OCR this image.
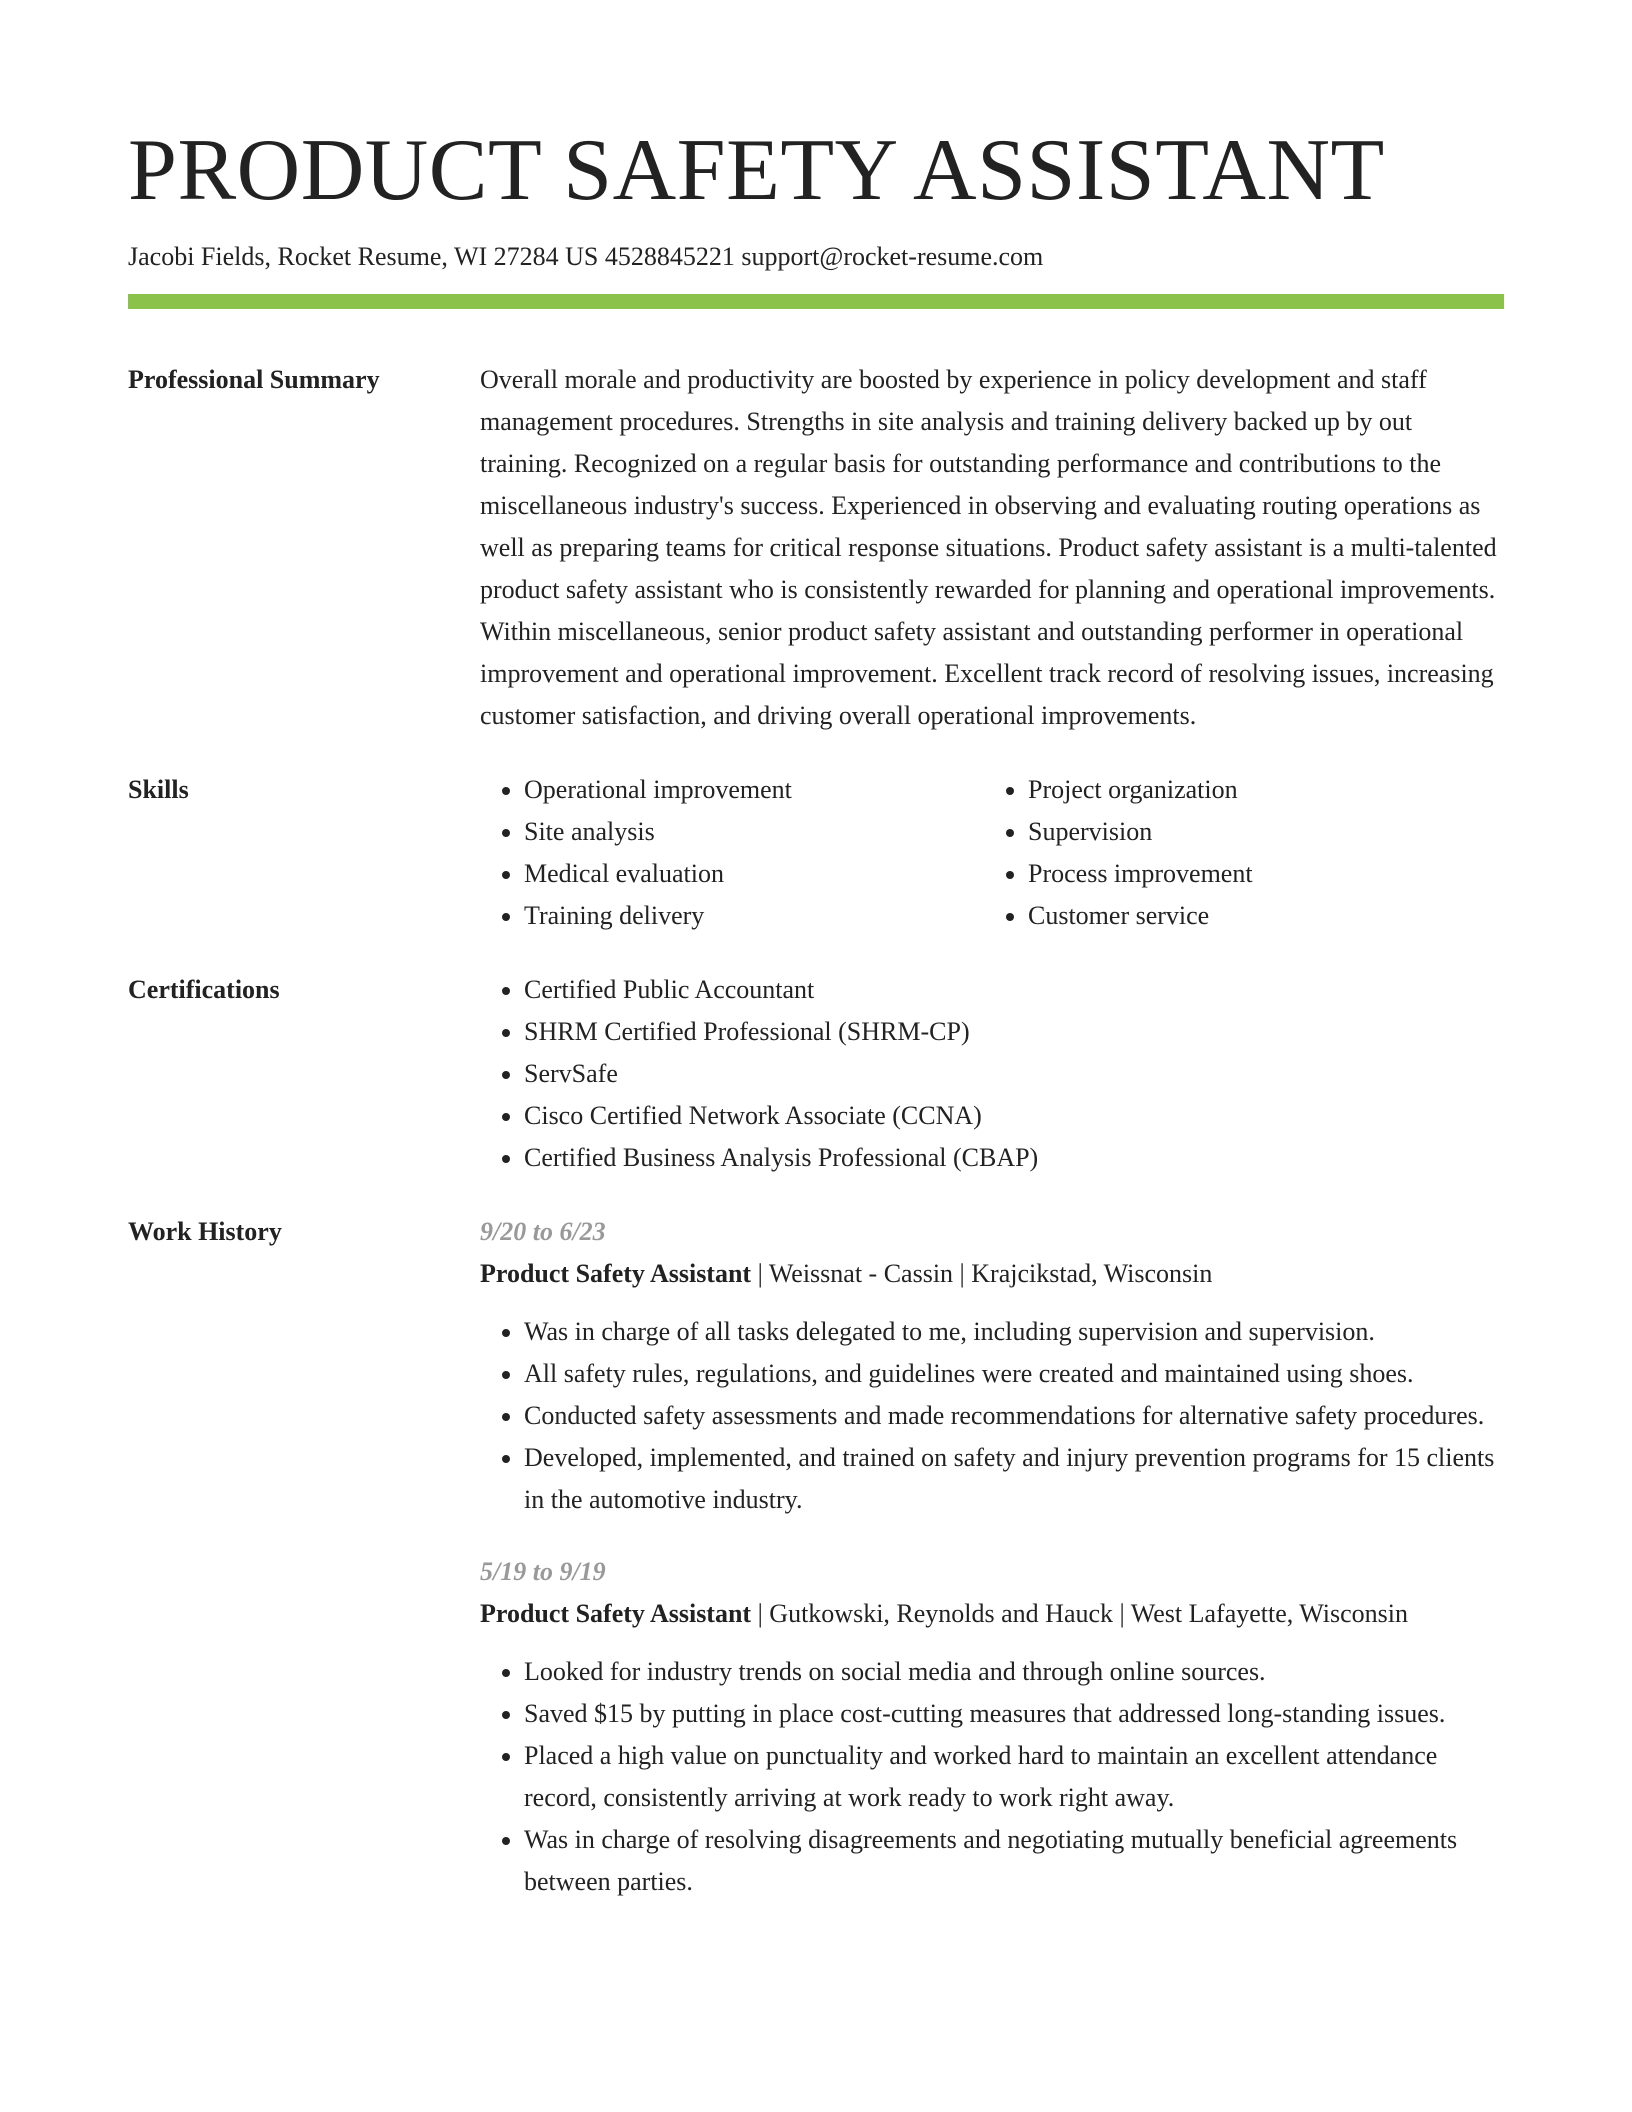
PRODUCT SAFETY ASSISTANT
Jacobi Fields, Rocket Resume, WI 27284 US 4528845221 support@rocket-resume.com
Professional Summary	Overall morale and productivity are boosted by experience in policy development and staff management procedures. Strengths in site analysis and training delivery backed up by out training. Recognized on a regular basis for outstanding performance and contributions to the miscellaneous industry's success. Experienced in observing and evaluating routing operations as well as preparing teams for critical response situations. Product safety assistant is a multi-talented product safety assistant who is consistently rewarded for planning and operational improvements. Within miscellaneous, senior product safety assistant and outstanding performer in operational improvement and operational improvement. Excellent track record of resolving issues, increasing customer satisfaction, and driving overall operational improvements.

Skills	• Operational improvement
• Site analysis
• Medical evaluation
• Training delivery
• Project organization
• Supervision
• Process improvement
• Customer service
Certifications	• Certified Public Accountant
• SHRM Certified Professional (SHRM-CP)
• ServSafe
• Cisco Certified Network Associate (CCNA)
• Certified Business Analysis Professional (CBAP)
Work History	9/20 to 6/23
Product Safety Assistant | Weissnat - Cassin | Krajcikstad, Wisconsin
• Was in charge of all tasks delegated to me, including supervision and supervision.
• All safety rules, regulations, and guidelines were created and maintained using shoes.
• Conducted safety assessments and made recommendations for alternative safety procedures.
• Developed, implemented, and trained on safety and injury prevention programs for 15 clients in the automotive industry.
5/19 to 9/19
Product Safety Assistant | Gutkowski, Reynolds and Hauck | West Lafayette, Wisconsin
• Looked for industry trends on social media and through online sources.
• Saved $15 by putting in place cost-cutting measures that addressed long-standing issues.
• Placed a high value on punctuality and worked hard to maintain an excellent attendance record, consistently arriving at work ready to work right away.
• Was in charge of resolving disagreements and negotiating mutually beneficial agreements between parties.
